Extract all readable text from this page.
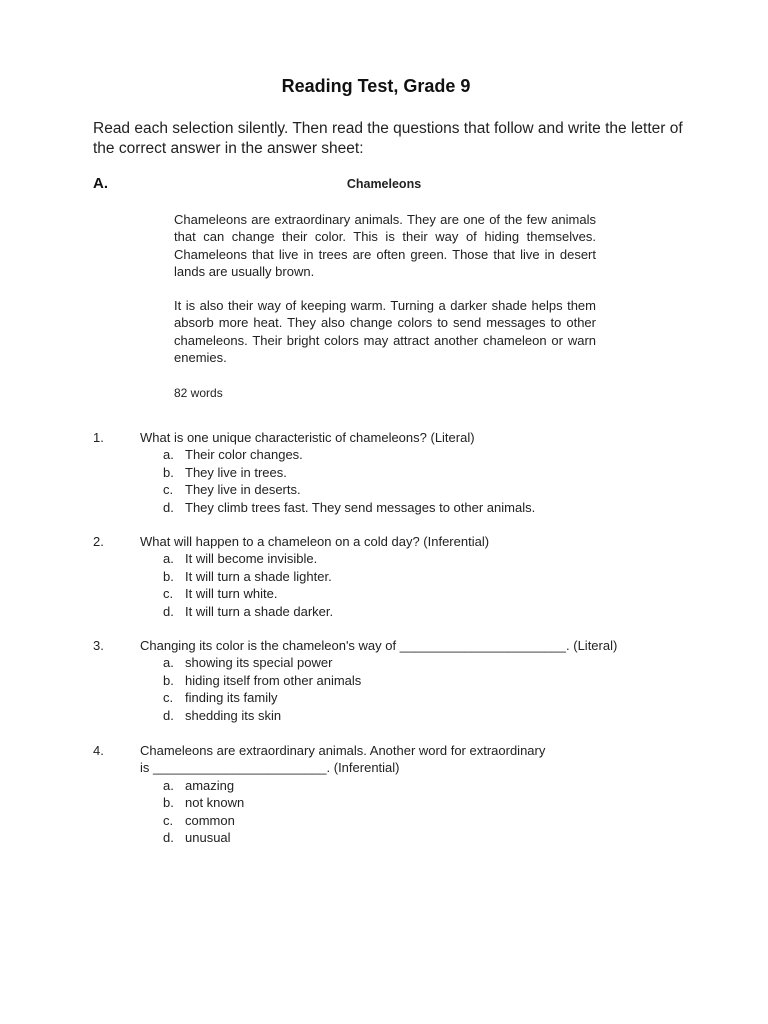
Reading Test, Grade 9
Read each selection silently. Then read the questions that follow and write the letter of the correct answer in the answer sheet:
A.	Chameleons

Chameleons are extraordinary animals. They are one of the few animals that can change their color. This is their way of hiding themselves. Chameleons that live in trees are often green. Those that live in desert lands are usually brown.

It is also their way of keeping warm. Turning a darker shade helps them absorb more heat. They also change colors to send messages to other chameleons. Their bright colors may attract another chameleon or warn enemies.

82 words
1.	What is one unique characteristic of chameleons? (Literal)
a. Their color changes.
b. They live in trees.
c. They live in deserts.
d. They climb trees fast. They send messages to other animals.
2.	What will happen to a chameleon on a cold day? (Inferential)
a. It will become invisible.
b. It will turn a shade lighter.
c. It will turn white.
d. It will turn a shade darker.
3.	Changing its color is the chameleon's way of _______________________. (Literal)
a. showing its special power
b. hiding itself from other animals
c. finding its family
d. shedding its skin
4.	Chameleons are extraordinary animals. Another word for extraordinary
is ________________________. (Inferential)
a. amazing
b. not known
c. common
d. unusual
